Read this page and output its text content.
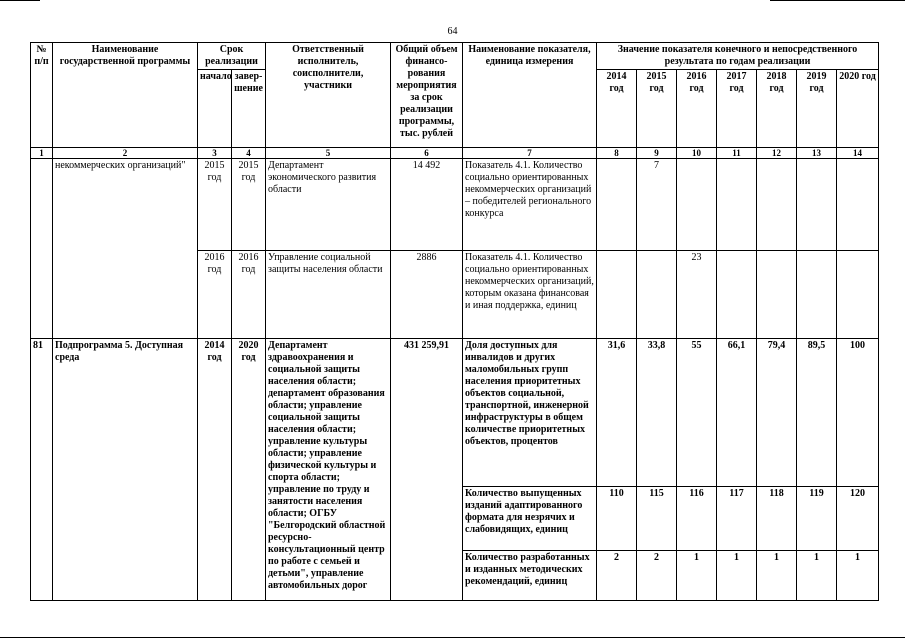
64
№ п/п	Наименование государственной программы	Срок реализации		Ответственный исполнитель, соисполнители, участники	Общий объем финансо-рования мероприятия за срок реализации программы, тыс. рублей	Наименование показателя, единица измерения	Значение показателя конечного и непосредственного результата по годам реализации						
		начало	завер-шение				2014 год	2015 год	2016 год	2017 год	2018 год	2019 год	2020 год
1	2	3	4	5	6	7	8	9	10	11	12	13	14
	некоммерческих организаций"	2015 год	2015 год	Департамент экономического развития области	14 492	Показатель 4.1. Количество социально ориентированных некоммерческих организаций – победителей регионального конкурса		7					
		2016 год	2016 год	Управление социальной защиты населения области	2886	Показатель 4.1. Количество социально ориентированных некоммерческих организаций, которым оказана финансовая и иная поддержка, единиц			23				
81	Подпрограмма 5. Доступная среда	2014 год	2020 год	Департамент здравоохранения и социальной защиты населения области; департамент образования области; управление социальной защиты населения области; управление культуры области; управление физической культуры и спорта области; управление по труду и занятости населения области; ОГБУ "Белгородский областной ресурсно-консультационный центр по работе с семьей и детьми", управление автомобильных дорог	431 259,91	Доля доступных для инвалидов и других маломобильных групп населения приоритетных объектов социальной, транспортной, инженерной инфраструктуры в общем количестве приоритетных объектов, процентов	31,6	33,8	55	66,1	79,4	89,5	100
						Количество выпущенных изданий адаптированного формата для незрячих и слабовидящих, единиц	110	115	116	117	118	119	120
						Количество разработанных и изданных методических рекомендаций, единиц	2	2	1	1	1	1	1
